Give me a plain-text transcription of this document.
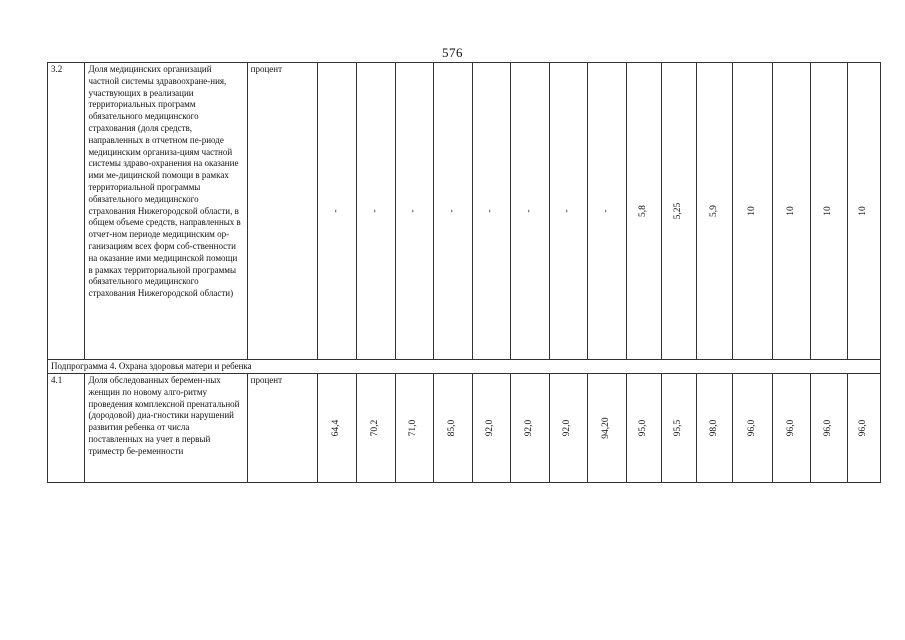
576
3.2	Доля медицинских организаций частной системы здравоохране-ния, участвующих в реализации территориальных программ обязательного медицинского страхования (доля средств, направленных в отчетном пе-риоде медицинским организа-циям частной системы здраво-охранения на оказание ими ме-дицинской помощи в рамках территориальной программы обязательного медицинского страхования Нижегородской области, в общем объеме средств, направленных в отчет-ном периоде медицинским ор-ганизациям всех форм соб-ственности на оказание ими медицинской помощи в рамках территориальной программы обязательного медицинского страхования Нижегородской области)	процент	-	-	-	-	-	-	-	-	5,8	5,25	5,9	10	10	10	10

Подпрограмма 4. Охрана здоровья матери и ребенка																	
4.1	Доля обследованных беремен-ных женщин по новому алго-ритму проведения комплексной пренатальной (дородовой) диа-гностики нарушений развития ребенка от числа поставленных на учет в первый триместр бе-ременности	процент	64,4	70,2	71,0	85,0	92,0	92,0	92,0	94,20	95,0	95,5	98,0	96,0	96,0	96,0	96,0
